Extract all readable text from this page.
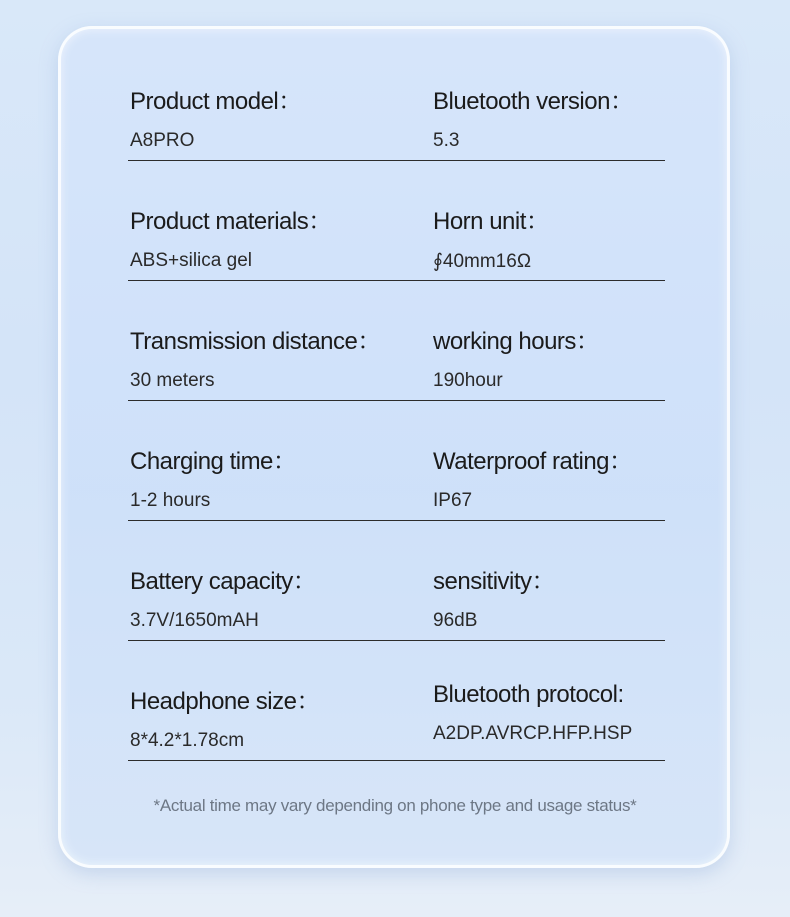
Product model：
A8PRO
Bluetooth version：
5.3
Product materials：
ABS+silica gel
Horn unit：
∮40mm16Ω
Transmission distance：
30 meters
working hours：
190hour
Charging time：
1-2 hours
Waterproof rating：
IP67
Battery capacity：
3.7V/1650mAH
sensitivity：
96dB
Headphone size：
8*4.2*1.78cm
Bluetooth protocol:
A2DP.AVRCP.HFP.HSP
*Actual time may vary depending on phone type and usage status*
